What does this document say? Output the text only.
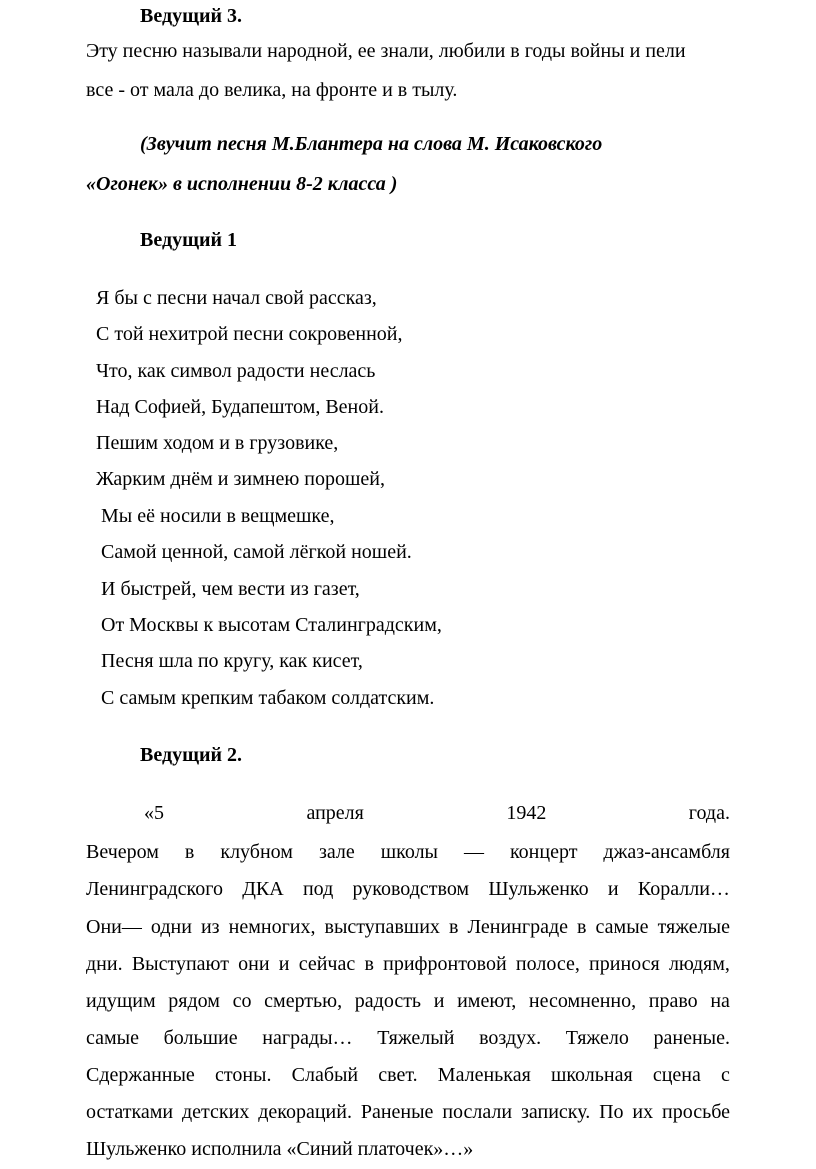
Ведущий 3.
Эту песню называли народной, ее знали, любили в годы войны и пели
все - от мала до велика, на фронте и в тылу.
(Звучит песня М.Блантера на слова М. Исаковского
«Огонек» в исполнении 8-2 класса )
Ведущий 1
Я бы с песни начал свой рассказ,
С той нехитрой песни сокровенной,
Что, как символ радости неслась
Над Софией, Будапештом, Веной.
Пешим ходом и в грузовике,
Жарким днём и зимнею порошей,
Мы её носили в вещмешке,
Самой ценной, самой лёгкой ношей.
И быстрей, чем вести из газет,
От Москвы к высотам Сталинградским,
Песня шла по кругу, как кисет,
С самым крепким табаком солдатским.
Ведущий 2.
«5	апреля	1942	года.
Вечером в клубном зале школы — концерт джаз-ансамбля
Ленинградского ДКА под руководством Шульженко и Коралли…
Они— одни из немногих, выступавших в Ленинграде в самые тяжелые
дни. Выступают они и сейчас в прифронтовой полосе, принося людям,
идущим рядом со смертью, радость и имеют, несомненно, право на
самые большие награды… Тяжелый воздух. Тяжело раненые.
Сдержанные стоны. Слабый свет. Маленькая школьная сцена с
остатками детских декораций. Раненые послали записку. По их просьбе
Шульженко исполнила «Синий платочек»…»
